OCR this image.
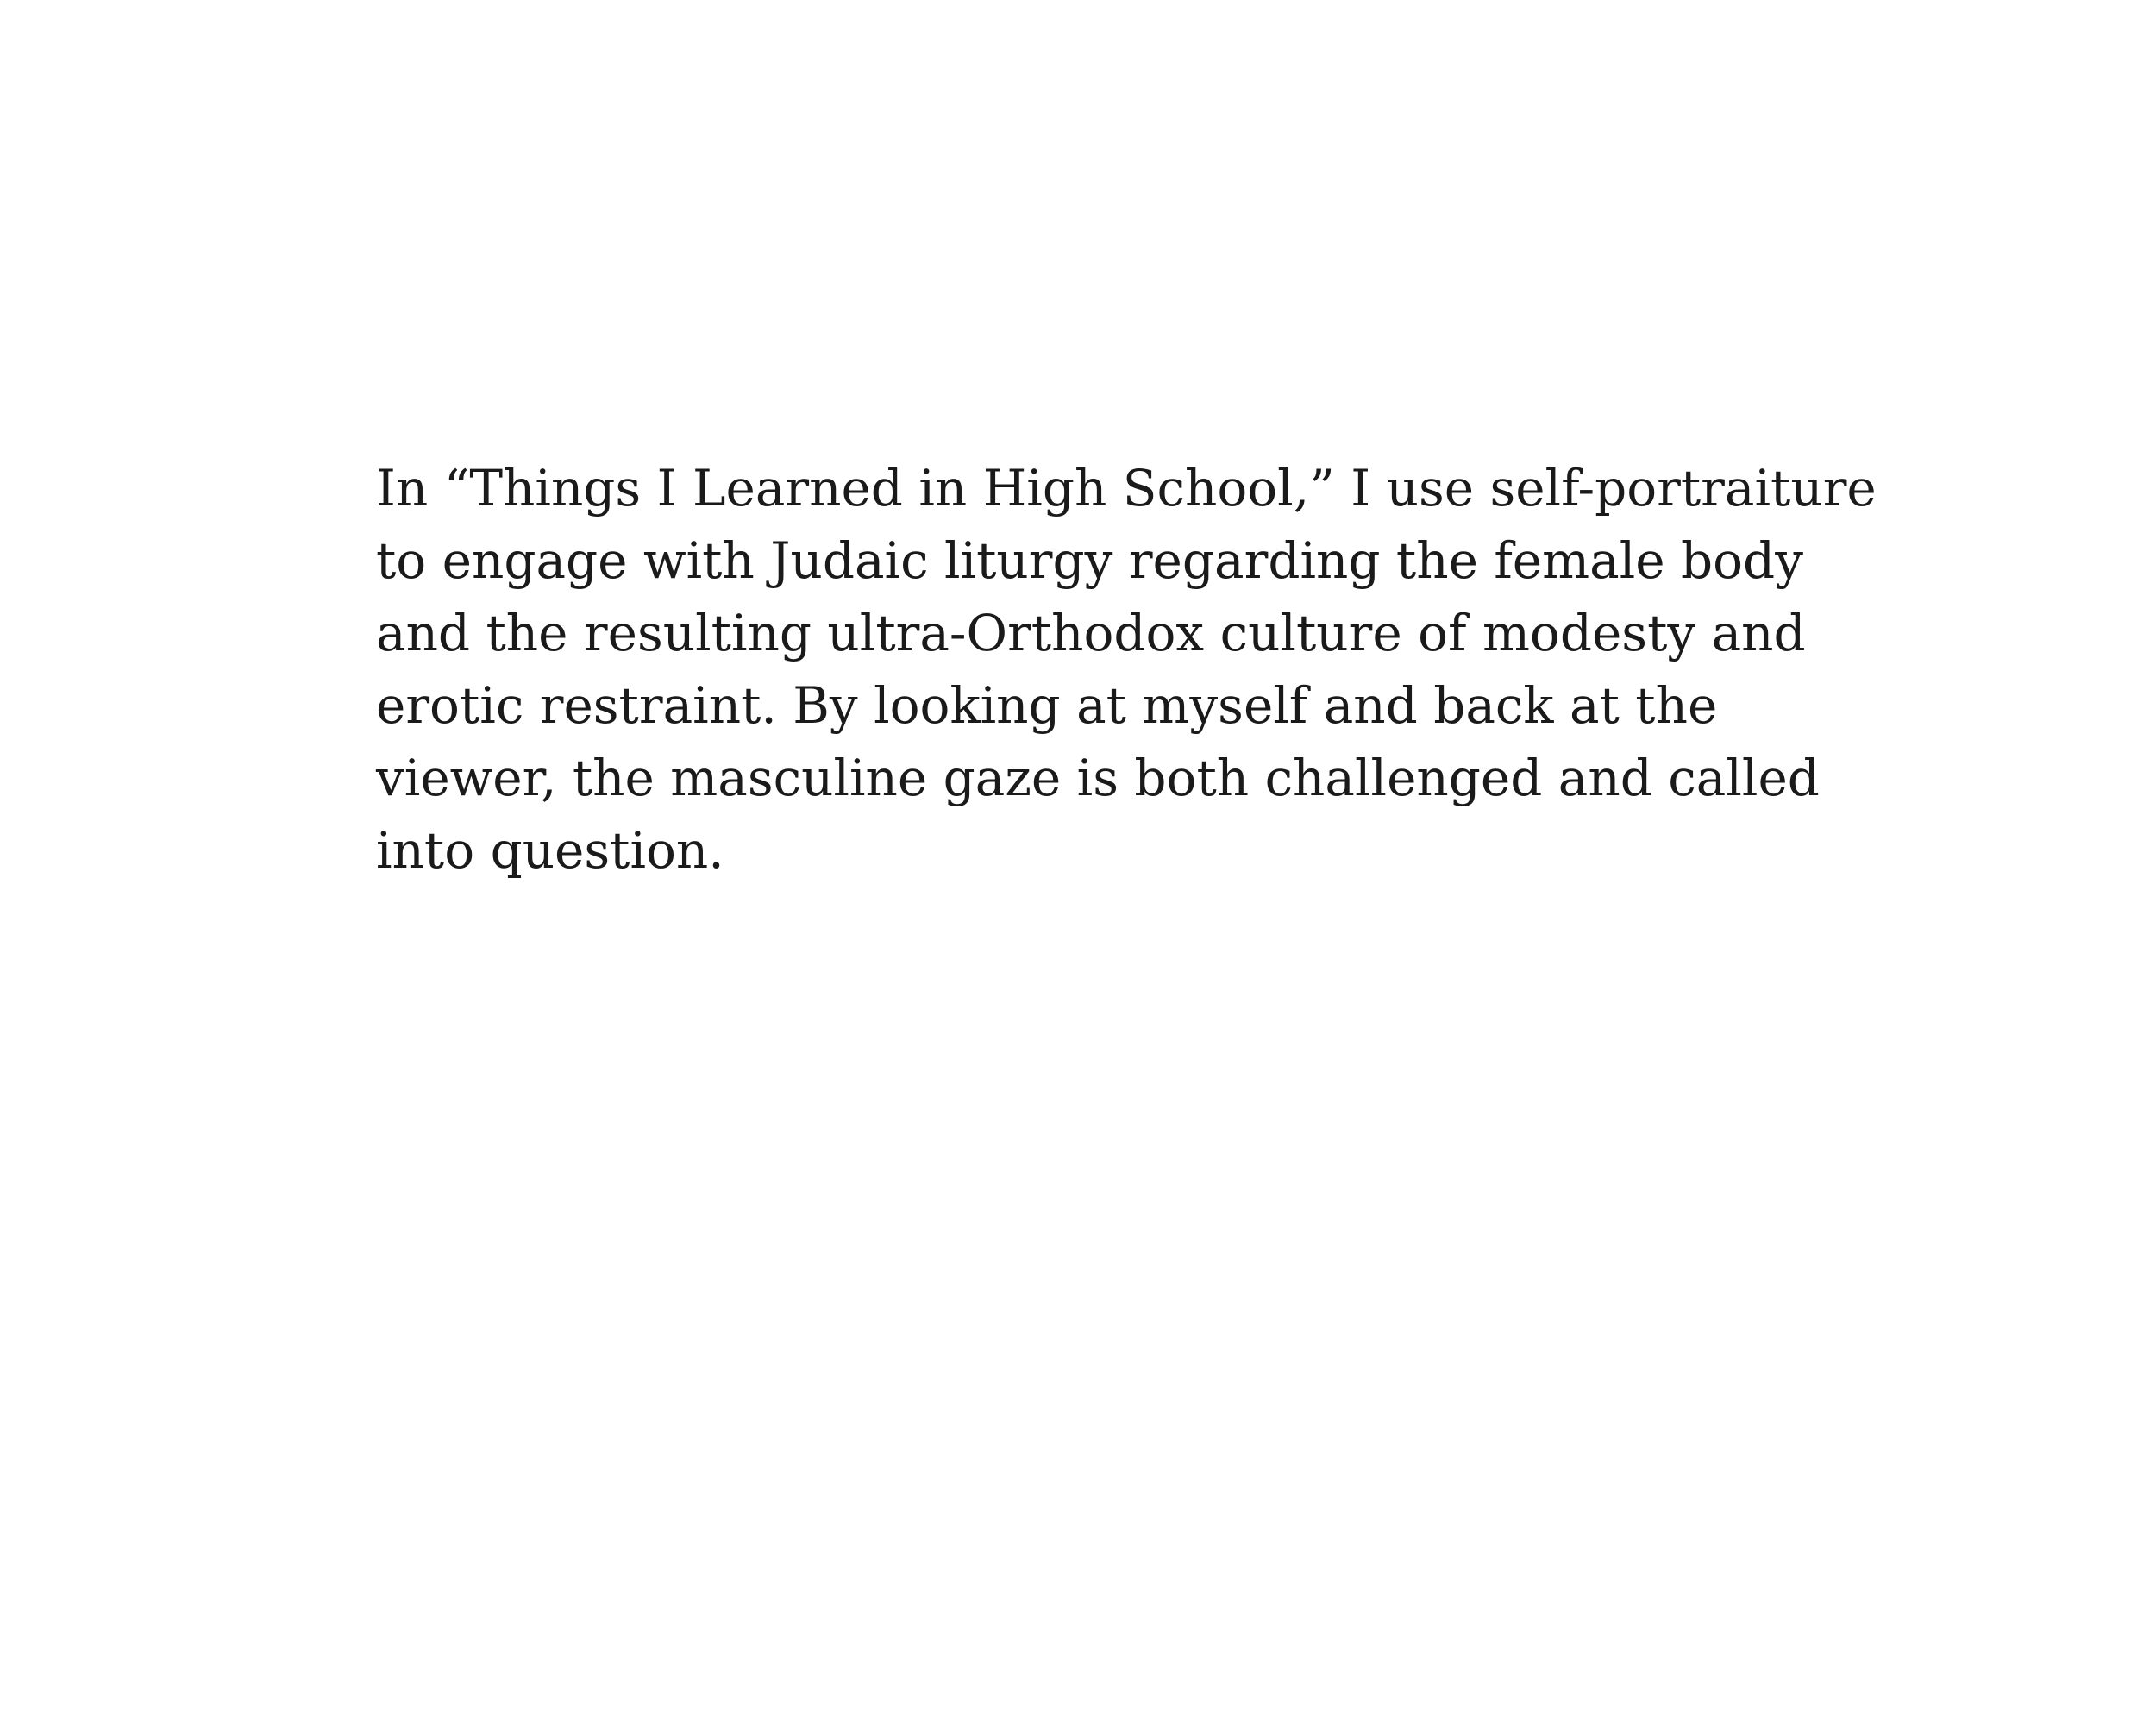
In “Things I Learned in High School,” I use self-portraiture
to engage with Judaic liturgy regarding the female body
and the resulting ultra-Orthodox culture of modesty and
erotic restraint. By looking at myself and back at the
viewer, the masculine gaze is both challenged and called
into question.
